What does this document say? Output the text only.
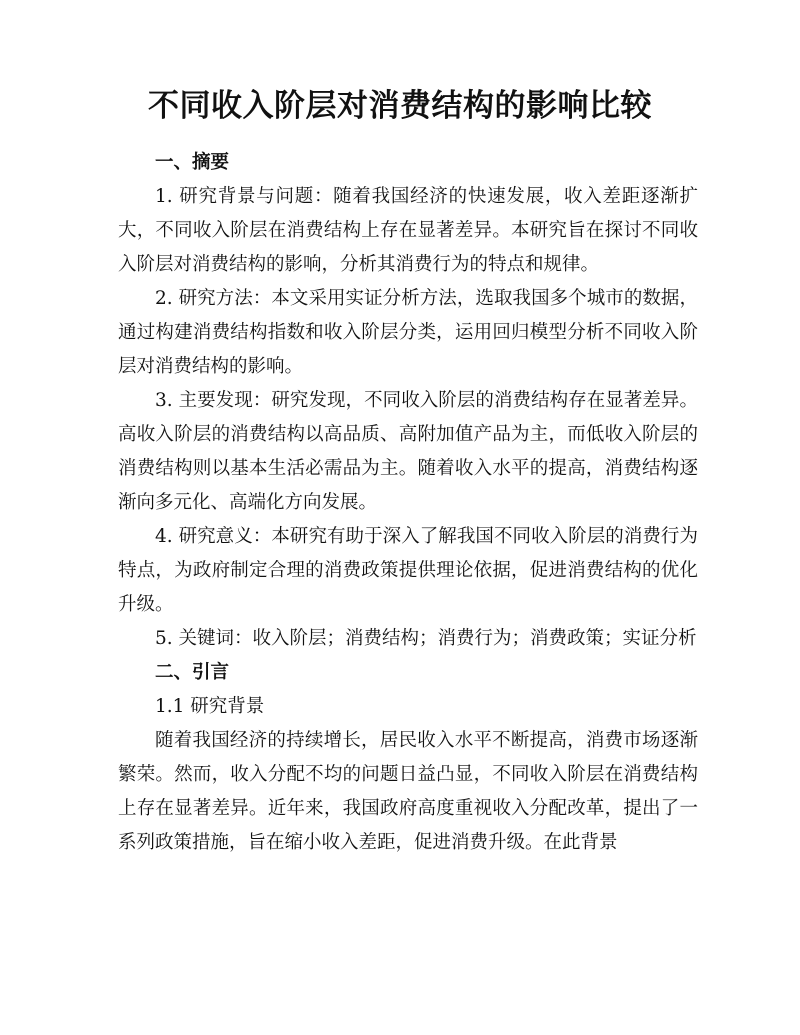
不同收入阶层对消费结构的影响比较

一、摘要

1. 研究背景与问题：随着我国经济的快速发展，收入差距逐渐扩大，不同收入阶层在消费结构上存在显著差异。本研究旨在探讨不同收入阶层对消费结构的影响，分析其消费行为的特点和规律。

2. 研究方法：本文采用实证分析方法，选取我国多个城市的数据，通过构建消费结构指数和收入阶层分类，运用回归模型分析不同收入阶层对消费结构的影响。

3. 主要发现：研究发现，不同收入阶层的消费结构存在显著差异。高收入阶层的消费结构以高品质、高附加值产品为主，而低收入阶层的消费结构则以基本生活必需品为主。随着收入水平的提高，消费结构逐渐向多元化、高端化方向发展。

4. 研究意义：本研究有助于深入了解我国不同收入阶层的消费行为特点，为政府制定合理的消费政策提供理论依据，促进消费结构的优化升级。

5. 关键词：收入阶层；消费结构；消费行为；消费政策；实证分析

二、引言

1.1 研究背景

随着我国经济的持续增长，居民收入水平不断提高，消费市场逐渐繁荣。然而，收入分配不均的问题日益凸显，不同收入阶层在消费结构上存在显著差异。近年来，我国政府高度重视收入分配改革，提出了一系列政策措施，旨在缩小收入差距，促进消费升级。在此背景
